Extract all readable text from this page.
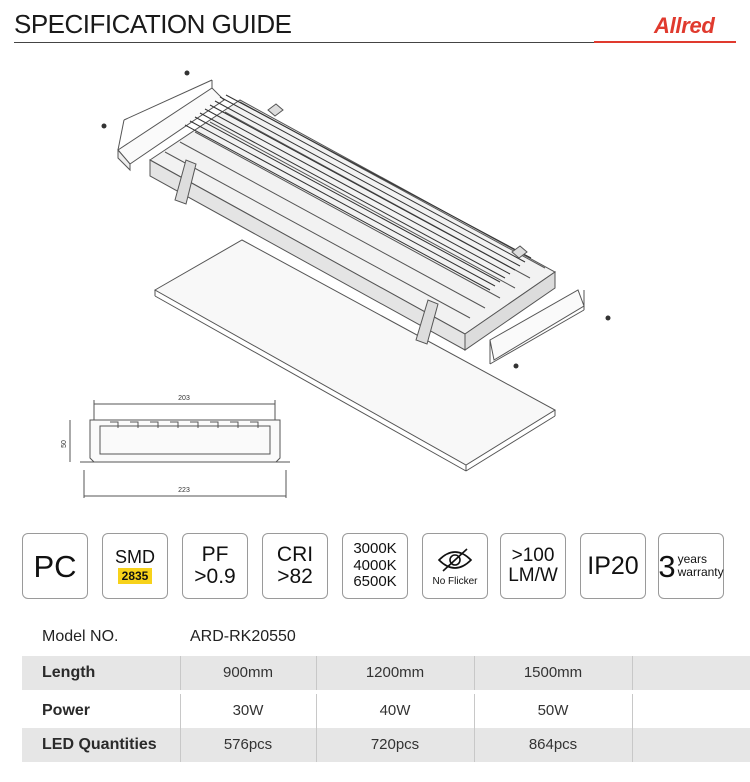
SPECIFICATION GUIDE	Allred
203
50
223
PC SMD
2835
PF
>0.9
CRI
>82
3000K
4000K
6500K	No Flicker
>100
LM/W IP20 3 years
warranty
Model NO.	ARD-RK20550
Length	900mm	1200mm	1500mm
Power	30W	40W	50W
LED Quantities	576pcs	720pcs	864pcs
